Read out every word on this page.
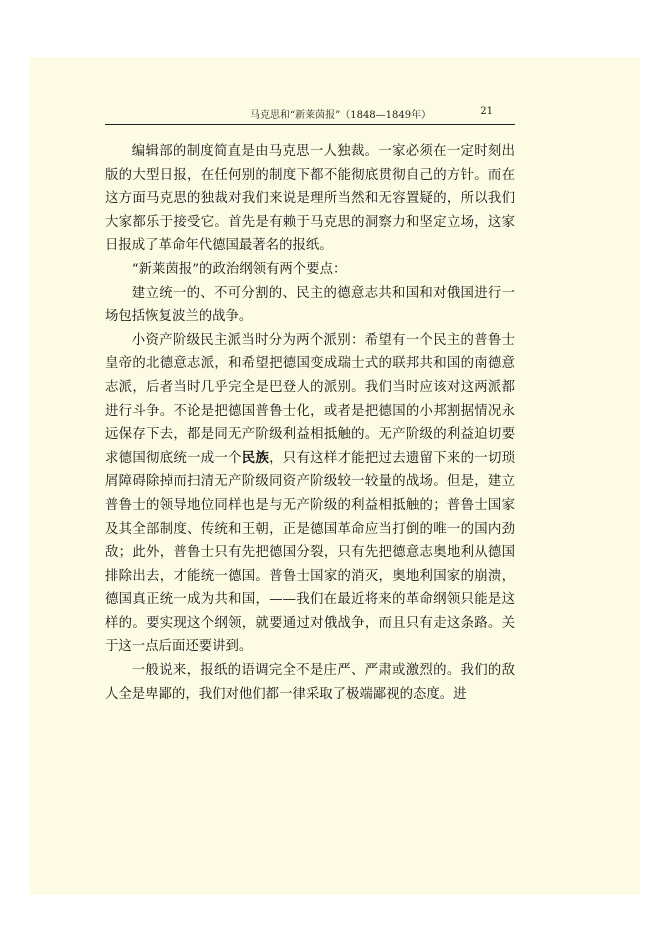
马克思和“新莱茵报”（1848—1849年）	21

编辑部的制度简直是由马克思一人独裁。一家必须在一定时刻出版的大型日报，在任何别的制度下都不能彻底贯彻自己的方针。而在这方面马克思的独裁对我们来说是理所当然和无容置疑的，所以我们大家都乐于接受它。首先是有赖于马克思的洞察力和坚定立场，这家日报成了革命年代德国最著名的报纸。

“新莱茵报”的政治纲领有两个要点：

建立统一的、不可分割的、民主的德意志共和国和对俄国进行一场包括恢复波兰的战争。

小资产阶级民主派当时分为两个派别：希望有一个民主的普鲁士皇帝的北德意志派，和希望把德国变成瑞士式的联邦共和国的南德意志派，后者当时几乎完全是巴登人的派别。我们当时应该对这两派都进行斗争。不论是把德国普鲁士化，或者是把德国的小邦割据情况永远保存下去，都是同无产阶级利益相抵触的。无产阶级的利益迫切要求德国彻底统一成一个民族，只有这样才能把过去遗留下来的一切琐屑障碍除掉而扫清无产阶级同资产阶级较一较量的战场。但是，建立普鲁士的领导地位同样也是与无产阶级的利益相抵触的；普鲁士国家及其全部制度、传统和王朝，正是德国革命应当打倒的唯一的国内劲敌；此外，普鲁士只有先把德国分裂，只有先把德意志奥地利从德国排除出去，才能统一德国。普鲁士国家的消灭，奥地利国家的崩溃，德国真正统一成为共和国，——我们在最近将来的革命纲领只能是这样的。要实现这个纲领，就要通过对俄战争，而且只有走这条路。关于这一点后面还要讲到。

一般说来，报纸的语调完全不是庄严、严肃或激烈的。我们的敌人全是卑鄙的，我们对他们都一律采取了极端鄙视的态度。进
